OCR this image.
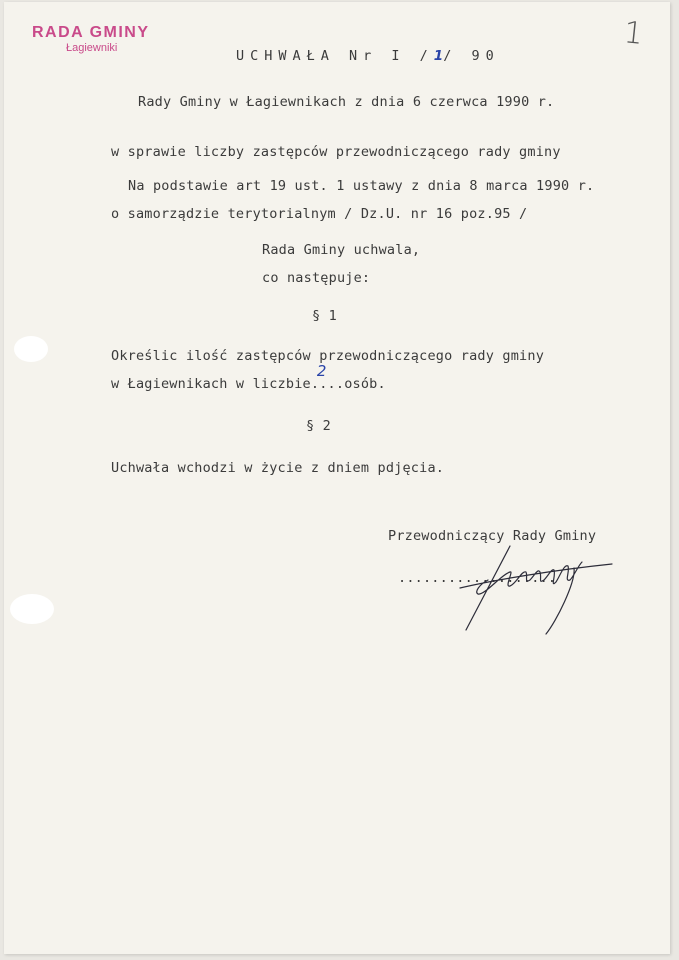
RADA GMINY
Łagiewniki	1
UCHWAŁA Nr I /1/ 90
Rady Gminy w Łagiewnikach z dnia 6 czerwca 1990 r.
w sprawie liczby zastępców przewodniczącego rady gminy
Na podstawie art 19 ust. 1 ustawy z dnia 8 marca 1990 r.
o samorządzie terytorialnym / Dz.U. nr 16 poz.95 /
Rada Gminy uchwala,
co następuje:
§ 1
Określic ilość zastępców przewodniczącego rady gminy
w Łagiewnikach w liczbie....
2
osób.
§ 2
Uchwała wchodzi w życie z dniem pdjęcia.
Przewodniczący Rady Gminy
...................
